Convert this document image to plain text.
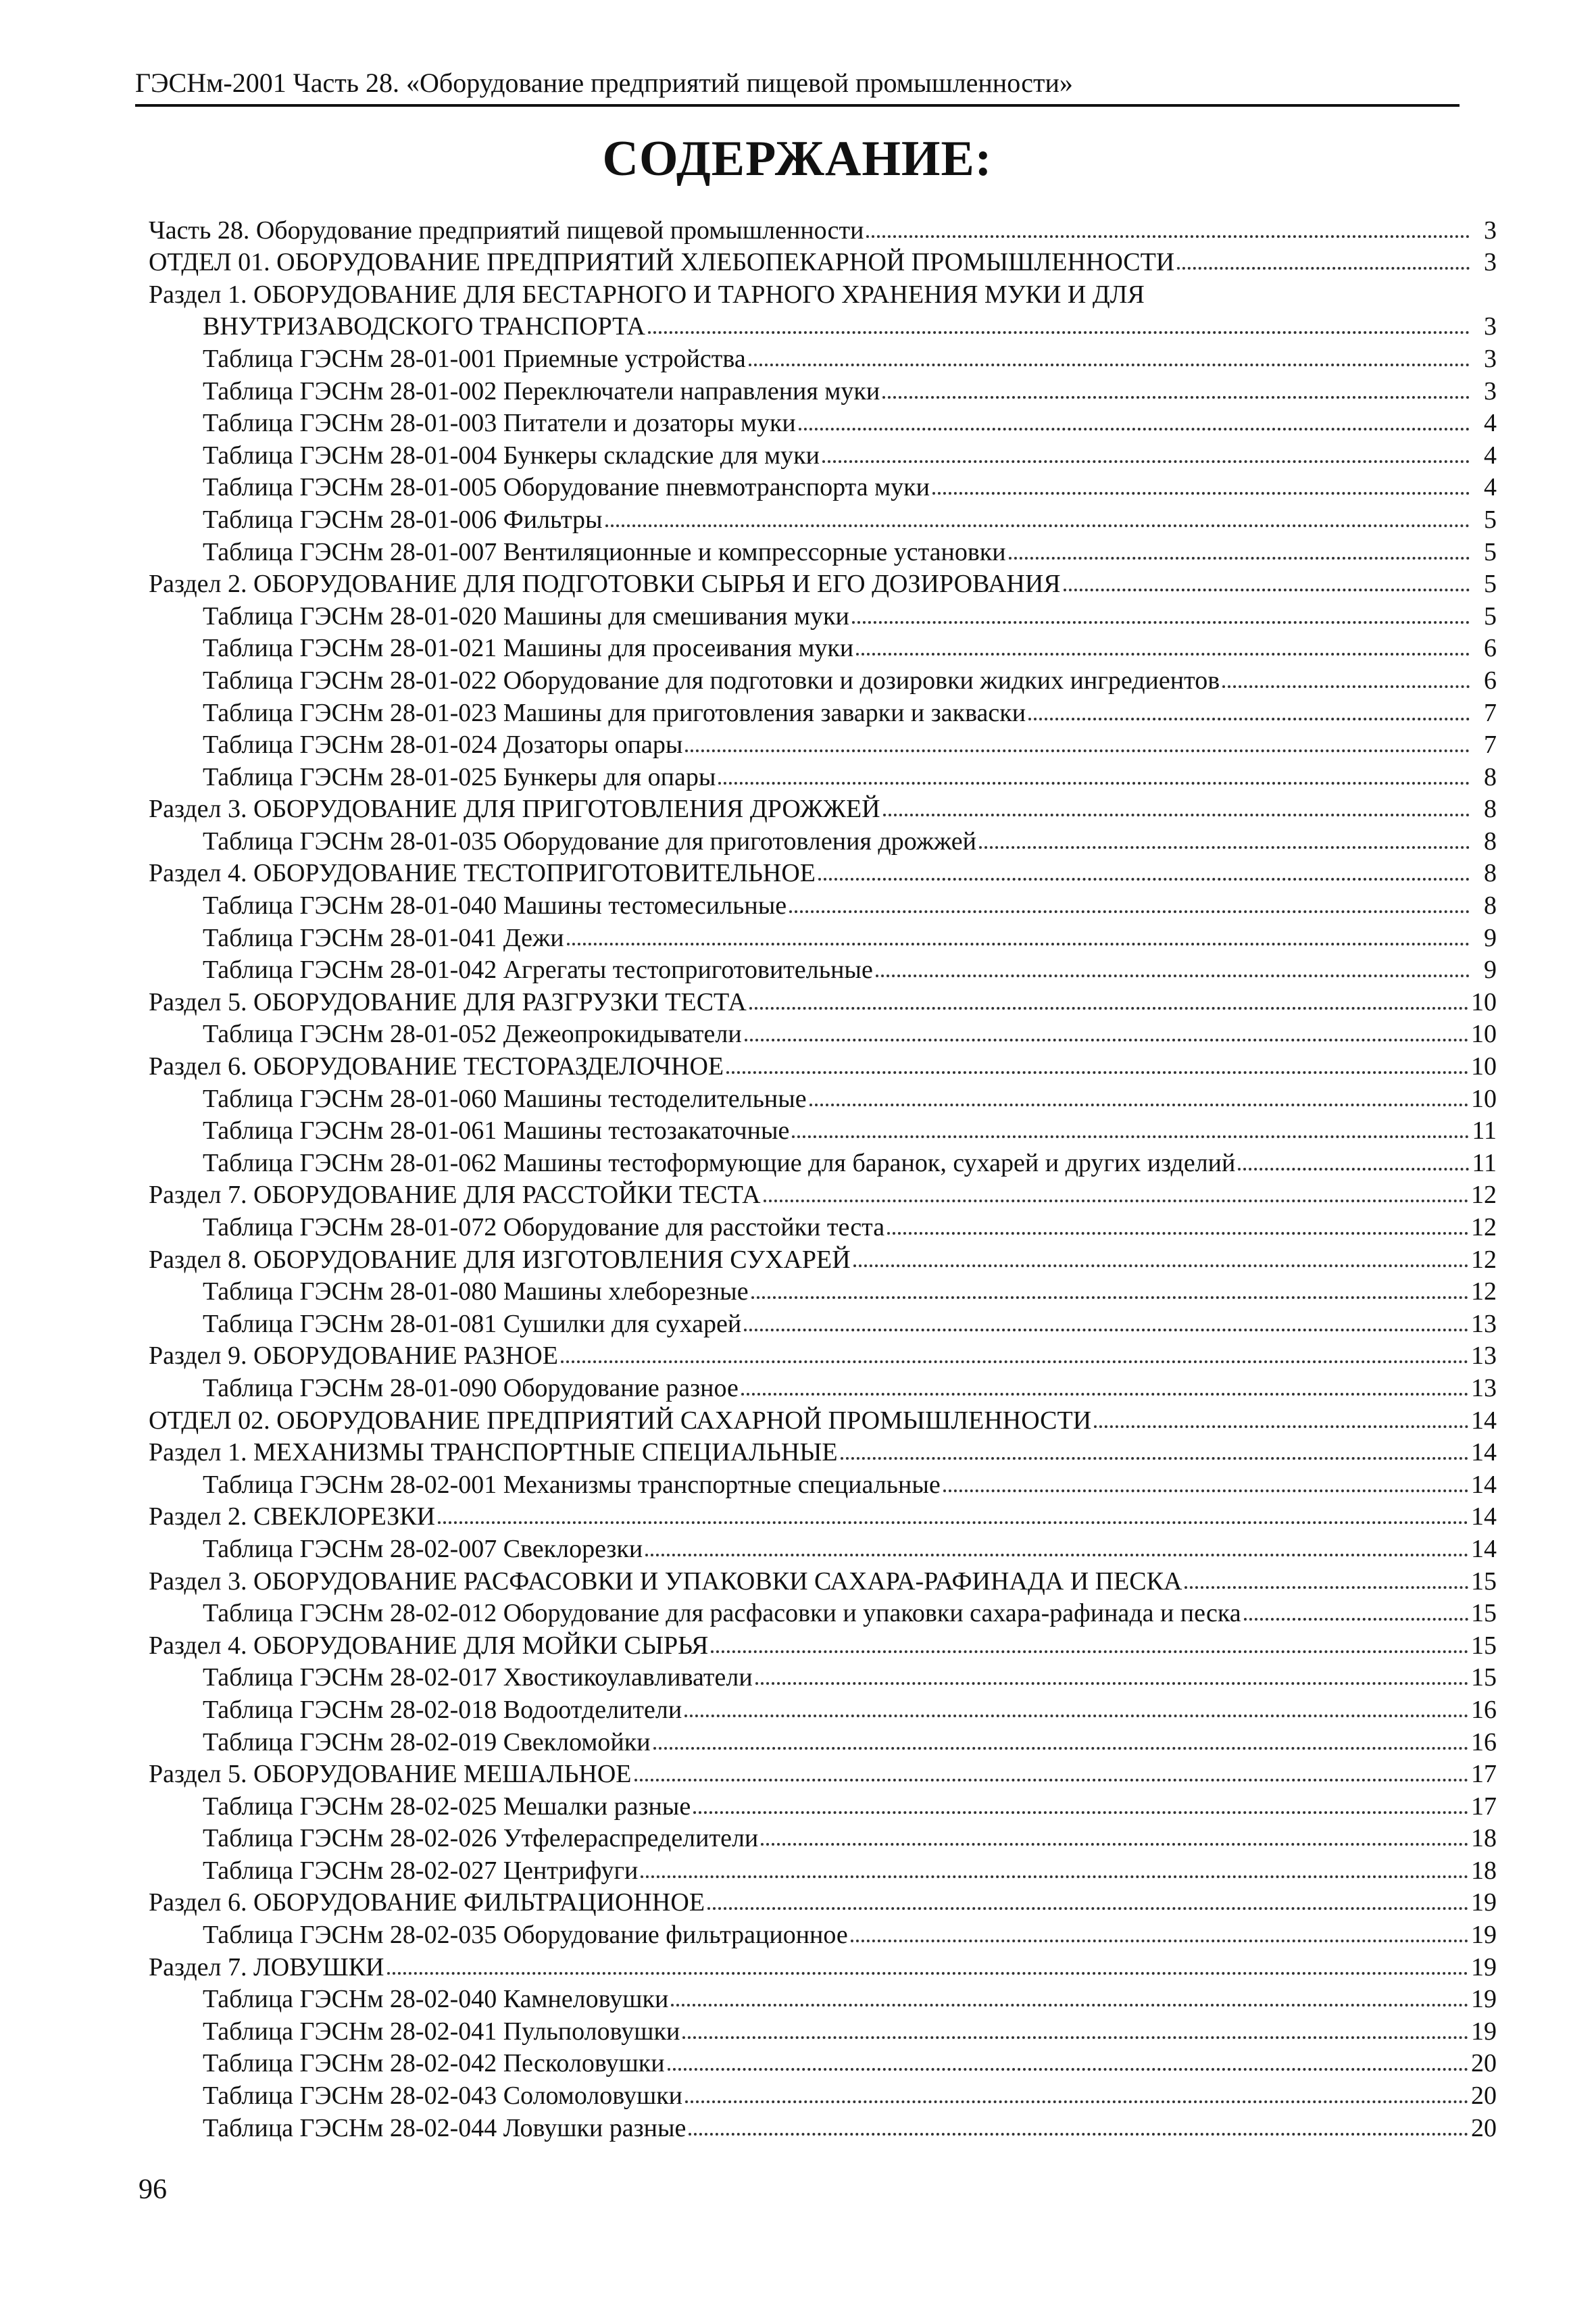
ГЭСНм-2001 Часть 28. «Оборудование предприятий пищевой промышленности»
СОДЕРЖАНИЕ:
Часть 28. Оборудование предприятий пищевой промышленности	3
ОТДЕЛ 01. ОБОРУДОВАНИЕ ПРЕДПРИЯТИЙ ХЛЕБОПЕКАРНОЙ ПРОМЫШЛЕННОСТИ	3
Раздел 1. ОБОРУДОВАНИЕ ДЛЯ БЕСТАРНОГО И ТАРНОГО ХРАНЕНИЯ МУКИ И ДЛЯ
ВНУТРИЗАВОДСКОГО ТРАНСПОРТА	3
Таблица ГЭСНм 28-01-001 Приемные устройства	3
Таблица ГЭСНм 28-01-002 Переключатели направления муки	3
Таблица ГЭСНм 28-01-003 Питатели и дозаторы муки	4
Таблица ГЭСНм 28-01-004 Бункеры складские для муки	4
Таблица ГЭСНм 28-01-005 Оборудование пневмотранспорта муки	4
Таблица ГЭСНм 28-01-006 Фильтры	5
Таблица ГЭСНм 28-01-007 Вентиляционные и компрессорные установки	5
Раздел 2. ОБОРУДОВАНИЕ ДЛЯ ПОДГОТОВКИ СЫРЬЯ И ЕГО ДОЗИРОВАНИЯ	5
Таблица ГЭСНм 28-01-020 Машины для смешивания муки	5
Таблица ГЭСНм 28-01-021 Машины для просеивания муки	6
Таблица ГЭСНм 28-01-022 Оборудование для подготовки и дозировки жидких ингредиентов	6
Таблица ГЭСНм 28-01-023 Машины для приготовления заварки и закваски	7
Таблица ГЭСНм 28-01-024 Дозаторы опары	7
Таблица ГЭСНм 28-01-025 Бункеры для опары	8
Раздел 3. ОБОРУДОВАНИЕ ДЛЯ ПРИГОТОВЛЕНИЯ ДРОЖЖЕЙ	8
Таблица ГЭСНм 28-01-035 Оборудование для приготовления дрожжей	8
Раздел 4. ОБОРУДОВАНИЕ ТЕСТОПРИГОТОВИТЕЛЬНОЕ	8
Таблица ГЭСНм 28-01-040 Машины тестомесильные	8
Таблица ГЭСНм 28-01-041 Дежи	9
Таблица ГЭСНм 28-01-042 Агрегаты тестоприготовительные	9
Раздел 5. ОБОРУДОВАНИЕ ДЛЯ РАЗГРУЗКИ ТЕСТА	10
Таблица ГЭСНм 28-01-052 Дежеопрокидыватели	10
Раздел 6. ОБОРУДОВАНИЕ ТЕСТОРАЗДЕЛОЧНОЕ	10
Таблица ГЭСНм 28-01-060 Машины тестоделительные	10
Таблица ГЭСНм 28-01-061 Машины тестозакаточные	11
Таблица ГЭСНм 28-01-062 Машины тестоформующие для баранок, сухарей и других изделий	11
Раздел 7. ОБОРУДОВАНИЕ ДЛЯ РАССТОЙКИ ТЕСТА	12
Таблица ГЭСНм 28-01-072 Оборудование для расстойки теста	12
Раздел 8. ОБОРУДОВАНИЕ ДЛЯ ИЗГОТОВЛЕНИЯ СУХАРЕЙ	12
Таблица ГЭСНм 28-01-080 Машины хлеборезные	12
Таблица ГЭСНм 28-01-081 Сушилки для сухарей	13
Раздел 9. ОБОРУДОВАНИЕ РАЗНОЕ	13
Таблица ГЭСНм 28-01-090 Оборудование разное	13
ОТДЕЛ 02. ОБОРУДОВАНИЕ ПРЕДПРИЯТИЙ САХАРНОЙ ПРОМЫШЛЕННОСТИ	14
Раздел 1. МЕХАНИЗМЫ ТРАНСПОРТНЫЕ СПЕЦИАЛЬНЫЕ	14
Таблица ГЭСНм 28-02-001 Механизмы транспортные специальные	14
Раздел 2. СВЕКЛОРЕЗКИ	14
Таблица ГЭСНм 28-02-007 Свеклорезки	14
Раздел 3. ОБОРУДОВАНИЕ РАСФАСОВКИ И УПАКОВКИ САХАРА-РАФИНАДА И ПЕСКА	15
Таблица ГЭСНм 28-02-012 Оборудование для расфасовки и упаковки сахара-рафинада и песка	15
Раздел 4. ОБОРУДОВАНИЕ ДЛЯ МОЙКИ СЫРЬЯ	15
Таблица ГЭСНм 28-02-017 Хвостикоулавливатели	15
Таблица ГЭСНм 28-02-018 Водоотделители	16
Таблица ГЭСНм 28-02-019 Свекломойки	16
Раздел 5. ОБОРУДОВАНИЕ МЕШАЛЬНОЕ	17
Таблица ГЭСНм 28-02-025 Мешалки разные	17
Таблица ГЭСНм 28-02-026 Утфелераспределители	18
Таблица ГЭСНм 28-02-027 Центрифуги	18
Раздел 6. ОБОРУДОВАНИЕ ФИЛЬТРАЦИОННОЕ	19
Таблица ГЭСНм 28-02-035 Оборудование фильтрационное	19
Раздел 7. ЛОВУШКИ	19
Таблица ГЭСНм 28-02-040 Камнеловушки	19
Таблица ГЭСНм 28-02-041 Пульполовушки	19
Таблица ГЭСНм 28-02-042 Песколовушки	20
Таблица ГЭСНм 28-02-043 Соломоловушки	20
Таблица ГЭСНм 28-02-044 Ловушки разные	20
96
